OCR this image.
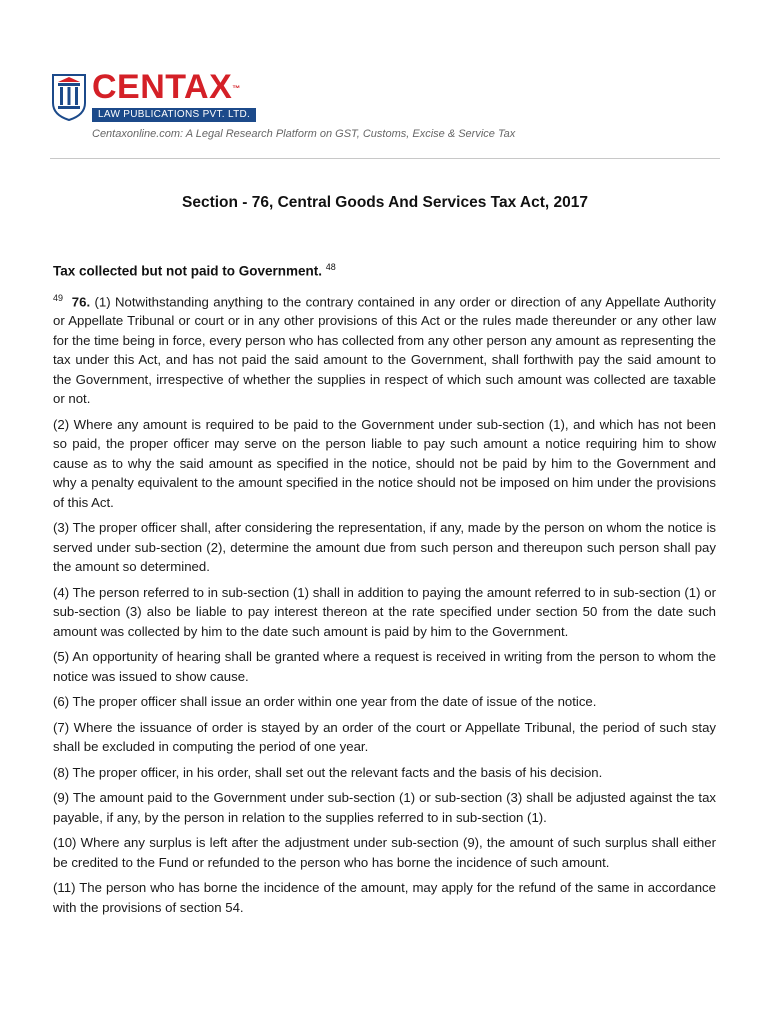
CENTAX™
LAW PUBLICATIONS PVT. LTD.
Centaxonline.com: A Legal Research Platform on GST, Customs, Excise & Service Tax
Section - 76, Central Goods And Services Tax Act, 2017

Tax collected but not paid to Government. $^{48}$

$^{49}$ 76. (1) Notwithstanding anything to the contrary contained in any order or direction of any Appellate Authority or Appellate Tribunal or court or in any other provisions of this Act or the rules made thereunder or any other law for the time being in force, every person who has collected from any other person any amount as representing the tax under this Act, and has not paid the said amount to the Government, shall forthwith pay the said amount to the Government, irrespective of whether the supplies in respect of which such amount was collected are taxable or not.

(2) Where any amount is required to be paid to the Government under sub-section (1), and which has not been so paid, the proper officer may serve on the person liable to pay such amount a notice requiring him to show cause as to why the said amount as specified in the notice, should not be paid by him to the Government and why a penalty equivalent to the amount specified in the notice should not be imposed on him under the provisions of this Act.

(3) The proper officer shall, after considering the representation, if any, made by the person on whom the notice is served under sub-section (2), determine the amount due from such person and thereupon such person shall pay the amount so determined.

(4) The person referred to in sub-section (1) shall in addition to paying the amount referred to in sub-section (1) or sub-section (3) also be liable to pay interest thereon at the rate specified under section 50 from the date such amount was collected by him to the date such amount is paid by him to the Government.

(5) An opportunity of hearing shall be granted where a request is received in writing from the person to whom the notice was issued to show cause.

(6) The proper officer shall issue an order within one year from the date of issue of the notice.

(7) Where the issuance of order is stayed by an order of the court or Appellate Tribunal, the period of such stay shall be excluded in computing the period of one year.

(8) The proper officer, in his order, shall set out the relevant facts and the basis of his decision.

(9) The amount paid to the Government under sub-section (1) or sub-section (3) shall be adjusted against the tax payable, if any, by the person in relation to the supplies referred to in sub-section (1).

(10) Where any surplus is left after the adjustment under sub-section (9), the amount of such surplus shall either be credited to the Fund or refunded to the person who has borne the incidence of such amount.

(11) The person who has borne the incidence of the amount, may apply for the refund of the same in accordance with the provisions of section 54.
